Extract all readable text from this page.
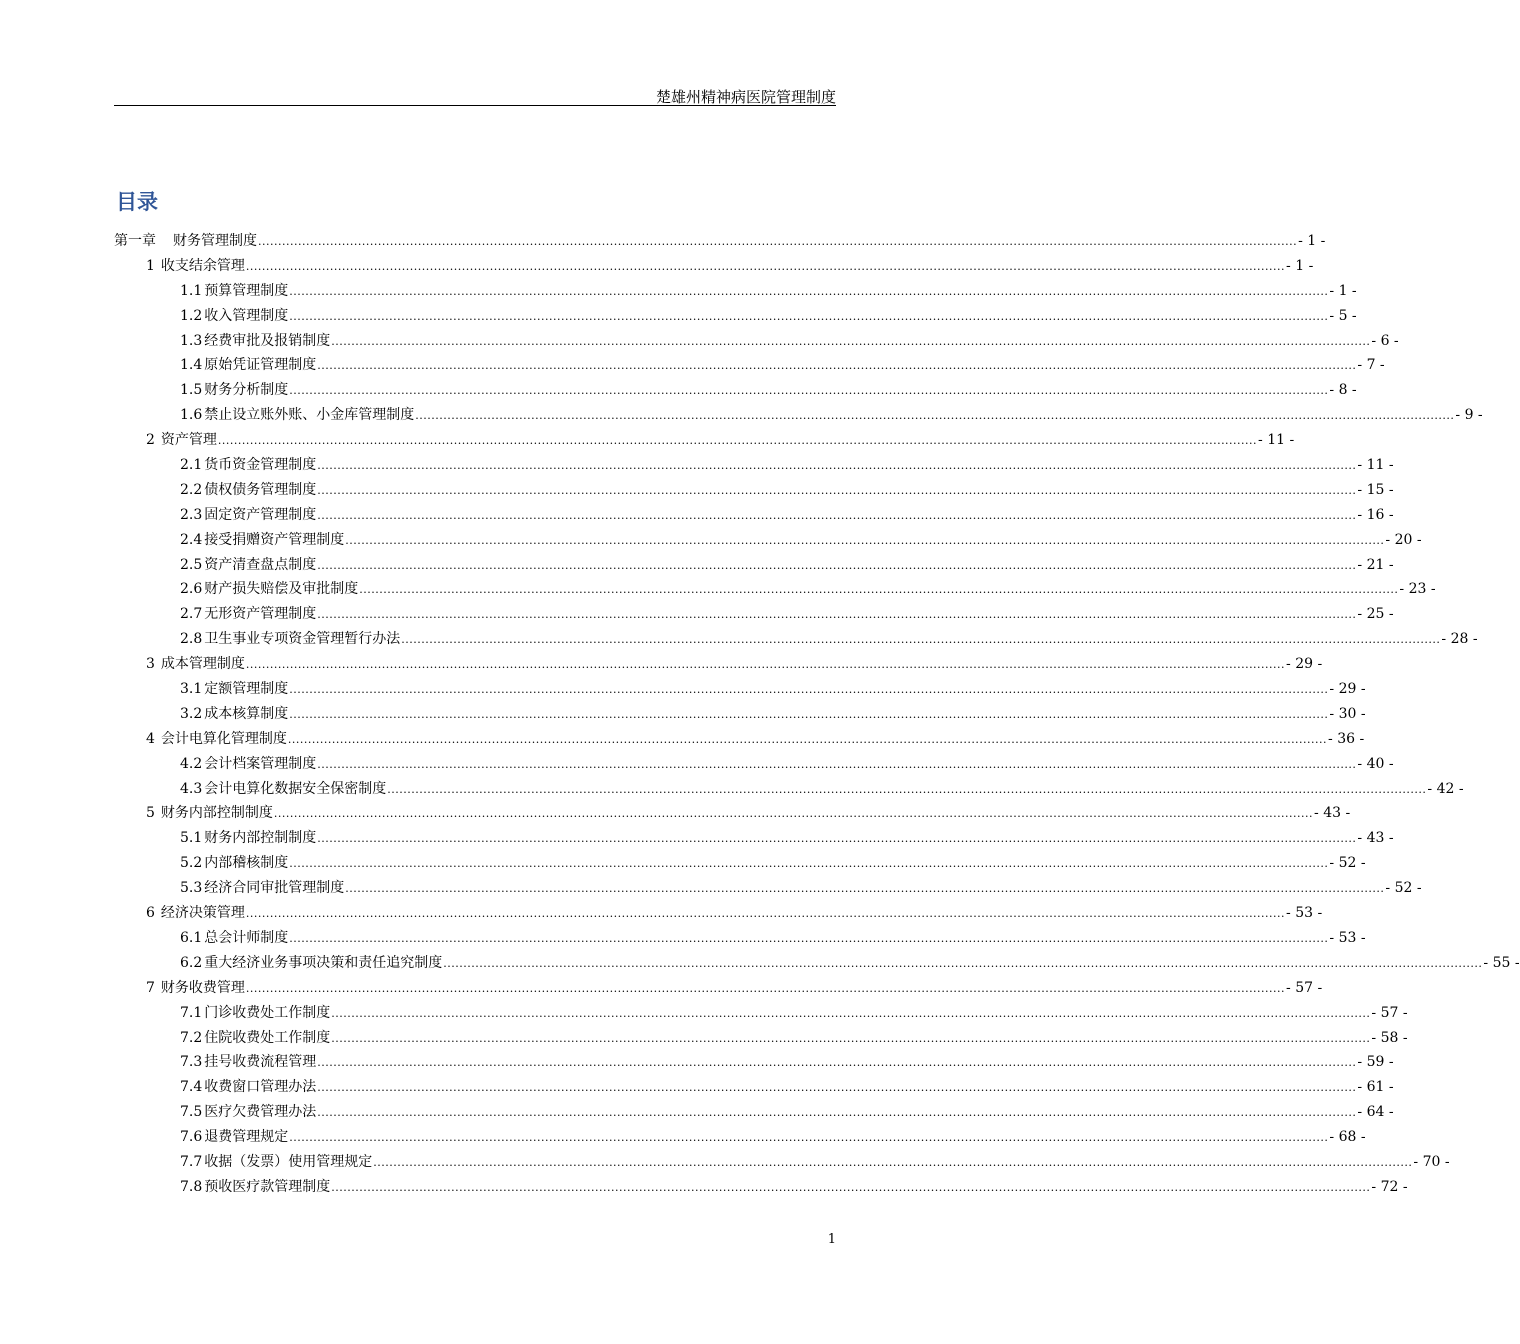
楚雄州精神病医院管理制度
目录
第一章 财务管理制度 .................................................................................................................................................................................................................................................................... - 1 -
1 收支结余管理 .................................................................................................................................................................................................................................................................... - 1 -
1.1 预算管理制度 .................................................................................................................................................................................................................................................................... - 1 -
1.2 收入管理制度 .................................................................................................................................................................................................................................................................... - 5 -
1.3 经费审批及报销制度 .................................................................................................................................................................................................................................................................... - 6 -
1.4 原始凭证管理制度 .................................................................................................................................................................................................................................................................... - 7 -
1.5 财务分析制度 .................................................................................................................................................................................................................................................................... - 8 -
1.6 禁止设立账外账、小金库管理制度 .................................................................................................................................................................................................................................................................... - 9 -
2 资产管理 .................................................................................................................................................................................................................................................................... - 11 -
2.1 货币资金管理制度 .................................................................................................................................................................................................................................................................... - 11 -
2.2 债权债务管理制度 .................................................................................................................................................................................................................................................................... - 15 -
2.3 固定资产管理制度 .................................................................................................................................................................................................................................................................... - 16 -
2.4 接受捐赠资产管理制度 .................................................................................................................................................................................................................................................................... - 20 -
2.5 资产清查盘点制度 .................................................................................................................................................................................................................................................................... - 21 -
2.6 财产损失赔偿及审批制度 .................................................................................................................................................................................................................................................................... - 23 -
2.7 无形资产管理制度 .................................................................................................................................................................................................................................................................... - 25 -
2.8 卫生事业专项资金管理暂行办法 .................................................................................................................................................................................................................................................................... - 28 -
3 成本管理制度 .................................................................................................................................................................................................................................................................... - 29 -
3.1 定额管理制度 .................................................................................................................................................................................................................................................................... - 29 -
3.2 成本核算制度 .................................................................................................................................................................................................................................................................... - 30 -
4 会计电算化管理制度 .................................................................................................................................................................................................................................................................... - 36 -
4.2 会计档案管理制度 .................................................................................................................................................................................................................................................................... - 40 -
4.3 会计电算化数据安全保密制度 .................................................................................................................................................................................................................................................................... - 42 -
5 财务内部控制制度 .................................................................................................................................................................................................................................................................... - 43 -
5.1 财务内部控制制度 .................................................................................................................................................................................................................................................................... - 43 -
5.2 内部稽核制度 .................................................................................................................................................................................................................................................................... - 52 -
5.3 经济合同审批管理制度 .................................................................................................................................................................................................................................................................... - 52 -
6 经济决策管理 .................................................................................................................................................................................................................................................................... - 53 -
6.1 总会计师制度 .................................................................................................................................................................................................................................................................... - 53 -
6.2 重大经济业务事项决策和责任追究制度 .................................................................................................................................................................................................................................................................... - 55 -
7 财务收费管理 .................................................................................................................................................................................................................................................................... - 57 -
7.1 门诊收费处工作制度 .................................................................................................................................................................................................................................................................... - 57 -
7.2 住院收费处工作制度 .................................................................................................................................................................................................................................................................... - 58 -
7.3 挂号收费流程管理 .................................................................................................................................................................................................................................................................... - 59 -
7.4 收费窗口管理办法 .................................................................................................................................................................................................................................................................... - 61 -
7.5 医疗欠费管理办法 .................................................................................................................................................................................................................................................................... - 64 -
7.6 退费管理规定 .................................................................................................................................................................................................................................................................... - 68 -
7.7 收据（发票）使用管理规定 .................................................................................................................................................................................................................................................................... - 70 -
7.8 预收医疗款管理制度 .................................................................................................................................................................................................................................................................... - 72 -
1
